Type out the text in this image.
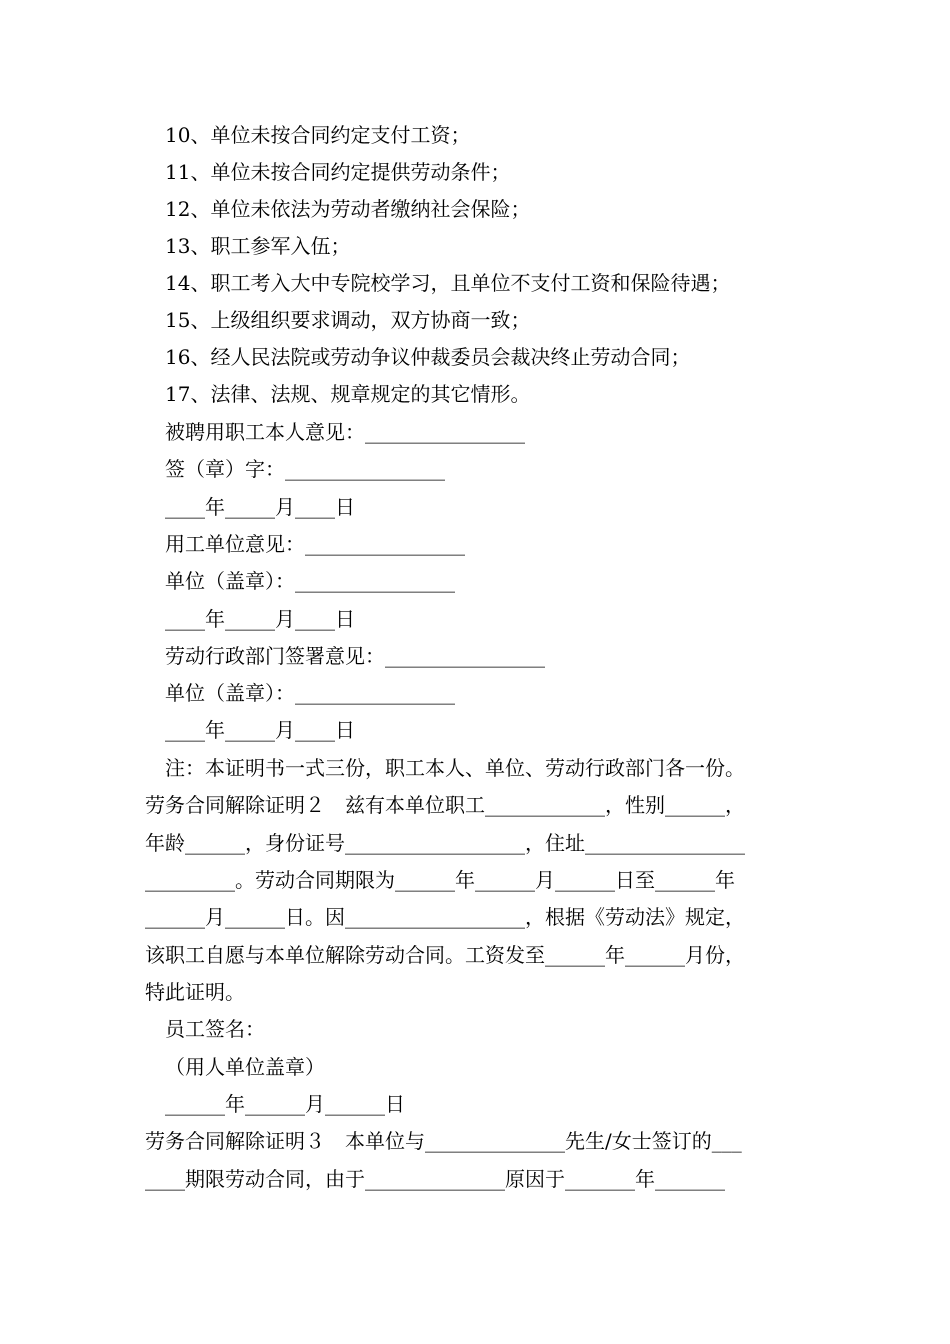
10、单位未按合同约定支付工资；
11、单位未按合同约定提供劳动条件；
12、单位未依法为劳动者缴纳社会保险；
13、职工参军入伍；
14、职工考入大中专院校学习，且单位不支付工资和保险待遇；
15、上级组织要求调动，双方协商一致；
16、经人民法院或劳动争议仲裁委员会裁决终止劳动合同；
17、法律、法规、规章规定的其它情形。
被聘用职工本人意见：________________
签（章）字：________________
____年_____月____日
用工单位意见：________________
单位（盖章）：________________
____年_____月____日
劳动行政部门签署意见：________________
单位（盖章）：________________
____年_____月____日
注：本证明书一式三份，职工本人、单位、劳动行政部门各一份。
劳务合同解除证明２　兹有本单位职工____________，性别______，
年龄______，身份证号__________________，住址________________
_________。劳动合同期限为______年______月______日至______年
______月______日。因__________________，根据《劳动法》规定，
该职工自愿与本单位解除劳动合同。工资发至______年______月份，
特此证明。
员工签名：
（用人单位盖章）
______年______月______日
劳务合同解除证明３　本单位与______________先生/女士签订的___
____期限劳动合同，由于______________原因于_______年_______
